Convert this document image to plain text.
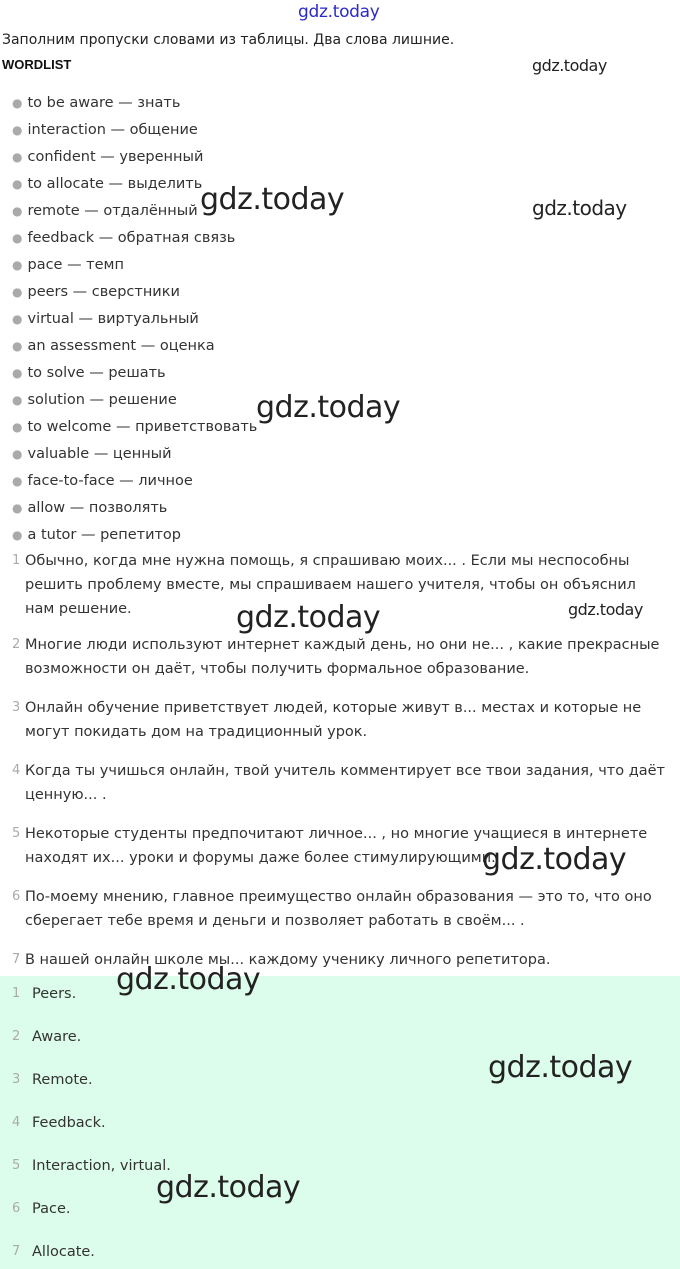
gdz.today
Заполним пропуски словами из таблицы. Два слова лишние.
WORDLIST
● to be aware — знать
● interaction — общение
● confident — уверенный
● to allocate — выделить
● remote — отдалённый
● feedback — обратная связь
● pace — темп
● peers — сверстники
● virtual — виртуальный
● an assessment — оценка
● to solve — решать
● solution — решение
● to welcome — приветствовать
● valuable — ценный
● face-to-face — личное
● allow — позволять
● a tutor — репетитор
1 Обычно, когда мне нужна помощь, я спрашиваю моих... . Если мы неспособны решить проблему вместе, мы спрашиваем нашего учителя, чтобы он объяснил нам решение.
2 Многие люди используют интернет каждый день, но они не... , какие прекрасные возможности он даёт, чтобы получить формальное образование.
3 Онлайн обучение приветствует людей, которые живут в... местах и которые не могут покидать дом на традиционный урок.
4 Когда ты учишься онлайн, твой учитель комментирует все твои задания, что даёт ценную... .
5 Некоторые студенты предпочитают личное... , но многие учащиеся в интернете находят их... уроки и форумы даже более стимулирующими.
6 По-моему мнению, главное преимущество онлайн образования — это то, что оно сберегает тебе время и деньги и позволяет работать в своём... .
7 В нашей онлайн школе мы... каждому ученику личного репетитора.
1 Peers.
2 Aware.
3 Remote.
4 Feedback.
5 Interaction, virtual.
6 Pace.
7 Allocate.
gdz.today
gdz.today	gdz.today
gdz.today
gdz.today	gdz.today
gdz.today
gdz.today
gdz.today
gdz.today
